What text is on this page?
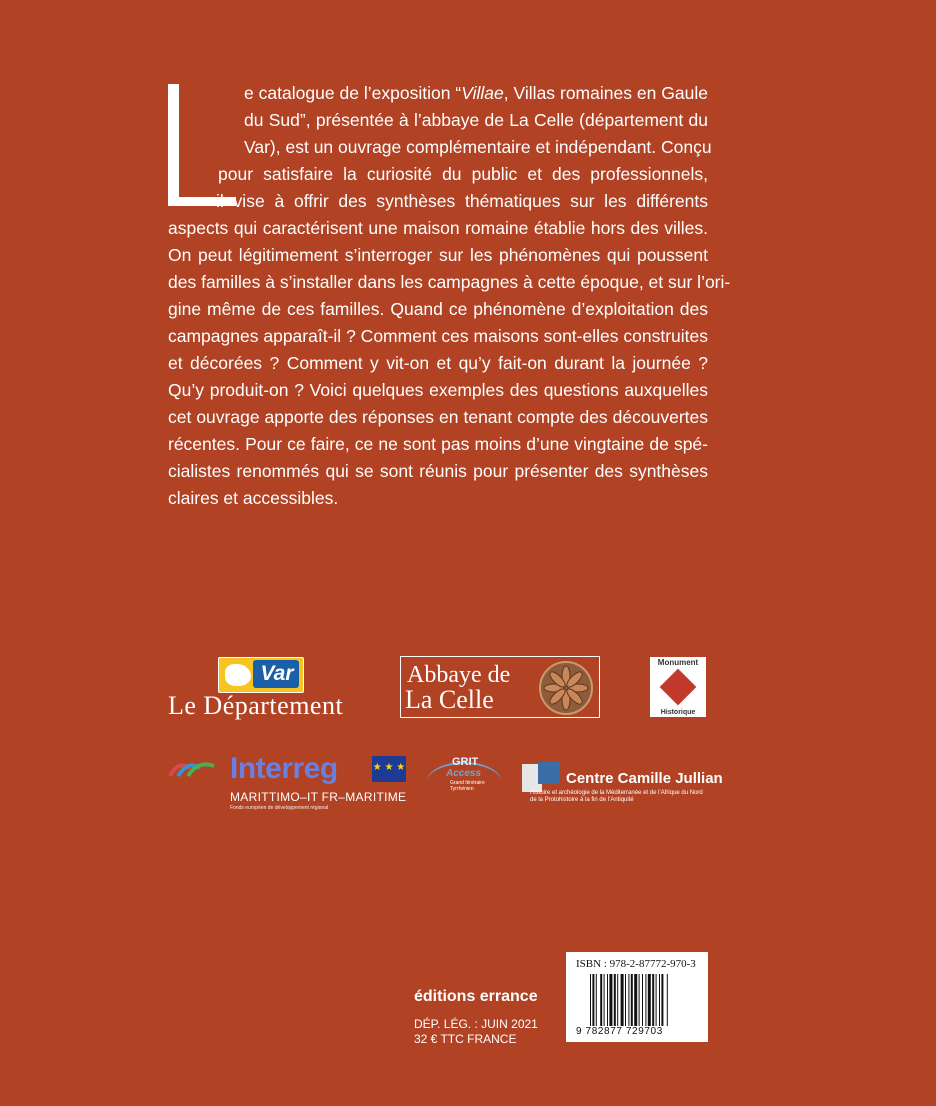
e catalogue de l’exposition “Villae, Villas romaines en Gaule
du Sud”, présentée à l’abbaye de La Celle (département du
Var), est un ouvrage complémentaire et indépendant. Conçu
pour satisfaire la curiosité du public et des professionnels,
il vise à offrir des synthèses thématiques sur les différents
aspects qui caractérisent une maison romaine établie hors des villes.
On peut légitimement s’interroger sur les phénomènes qui poussent
des familles à s’installer dans les campagnes à cette époque, et sur l’ori-
gine même de ces familles. Quand ce phénomène d’exploitation des
campagnes apparaît-il ? Comment ces maisons sont-elles construites
et décorées ? Comment y vit-on et qu’y fait-on durant la journée ?
Qu’y produit-on ? Voici quelques exemples des questions auxquelles
cet ouvrage apporte des réponses en tenant compte des découvertes
récentes. Pour ce faire, ce ne sont pas moins d’une vingtaine de spé-
cialistes renommés qui se sont réunis pour présenter des synthèses
claires et accessibles.
Var
Le Département
Abbaye de
La Celle
Monument
Historique
Interreg	★ ★ ★
MARITTIMO–IT FR–MARITIME
Fonds européen de développement régional
GRIT
Access
Grand Itinéraire Tyrrhénien
Centre Camille Jullian
Histoire et archéologie de la Méditerranée et de l’Afrique du Nord
de la Protohistoire à la fin de l’Antiquité
éditions errance
DÉP. LÉG. : JUIN 2021
32 € TTC FRANCE
ISBN : 978-2-87772-970-3
9 782877 729703
